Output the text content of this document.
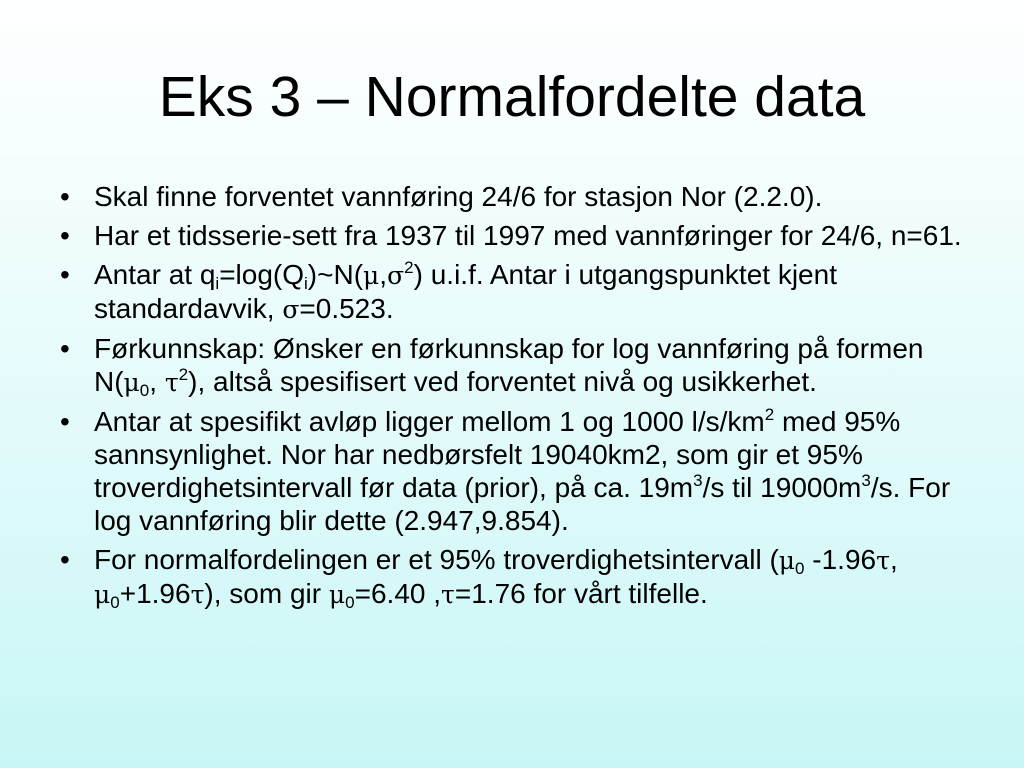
Eks 3 – Normalfordelte data
• Skal finne forventet vannføring 24/6 for stasjon Nor (2.2.0).
• Har et tidsserie-sett fra 1937 til 1997 med vannføringer for 24/6, n=61.
• Antar at $q_i=\log(Q_i)\sim N(\mu,\sigma^2)$ u.i.f. Antar i utgangspunktet kjent standardavvik, σ=0.523.
• Førkunnskap: Ønsker en førkunnskap for log vannføring på formen $N(\mu_0$, $\tau^2$), altså spesifisert ved forventet nivå og usikkerhet.
• Antar at spesifikt avløp ligger mellom 1 og 1000 $l/s/km^2$ med 95% sannsynlighet. Nor har nedbørsfelt 19040km2, som gir et 95% troverdighetsintervall før data (prior), på ca. $19m^3/s$ til $19000m^3/s$. For log vannføring blir dette (2.947,9.854).
• For normalfordelingen er et 95% troverdighetsintervall ($\mu_0$ -1.96τ, $\mu_0+1.96\tau$), som gir $\mu_0=6.40$ ,τ=1.76 for vårt tilfelle.
